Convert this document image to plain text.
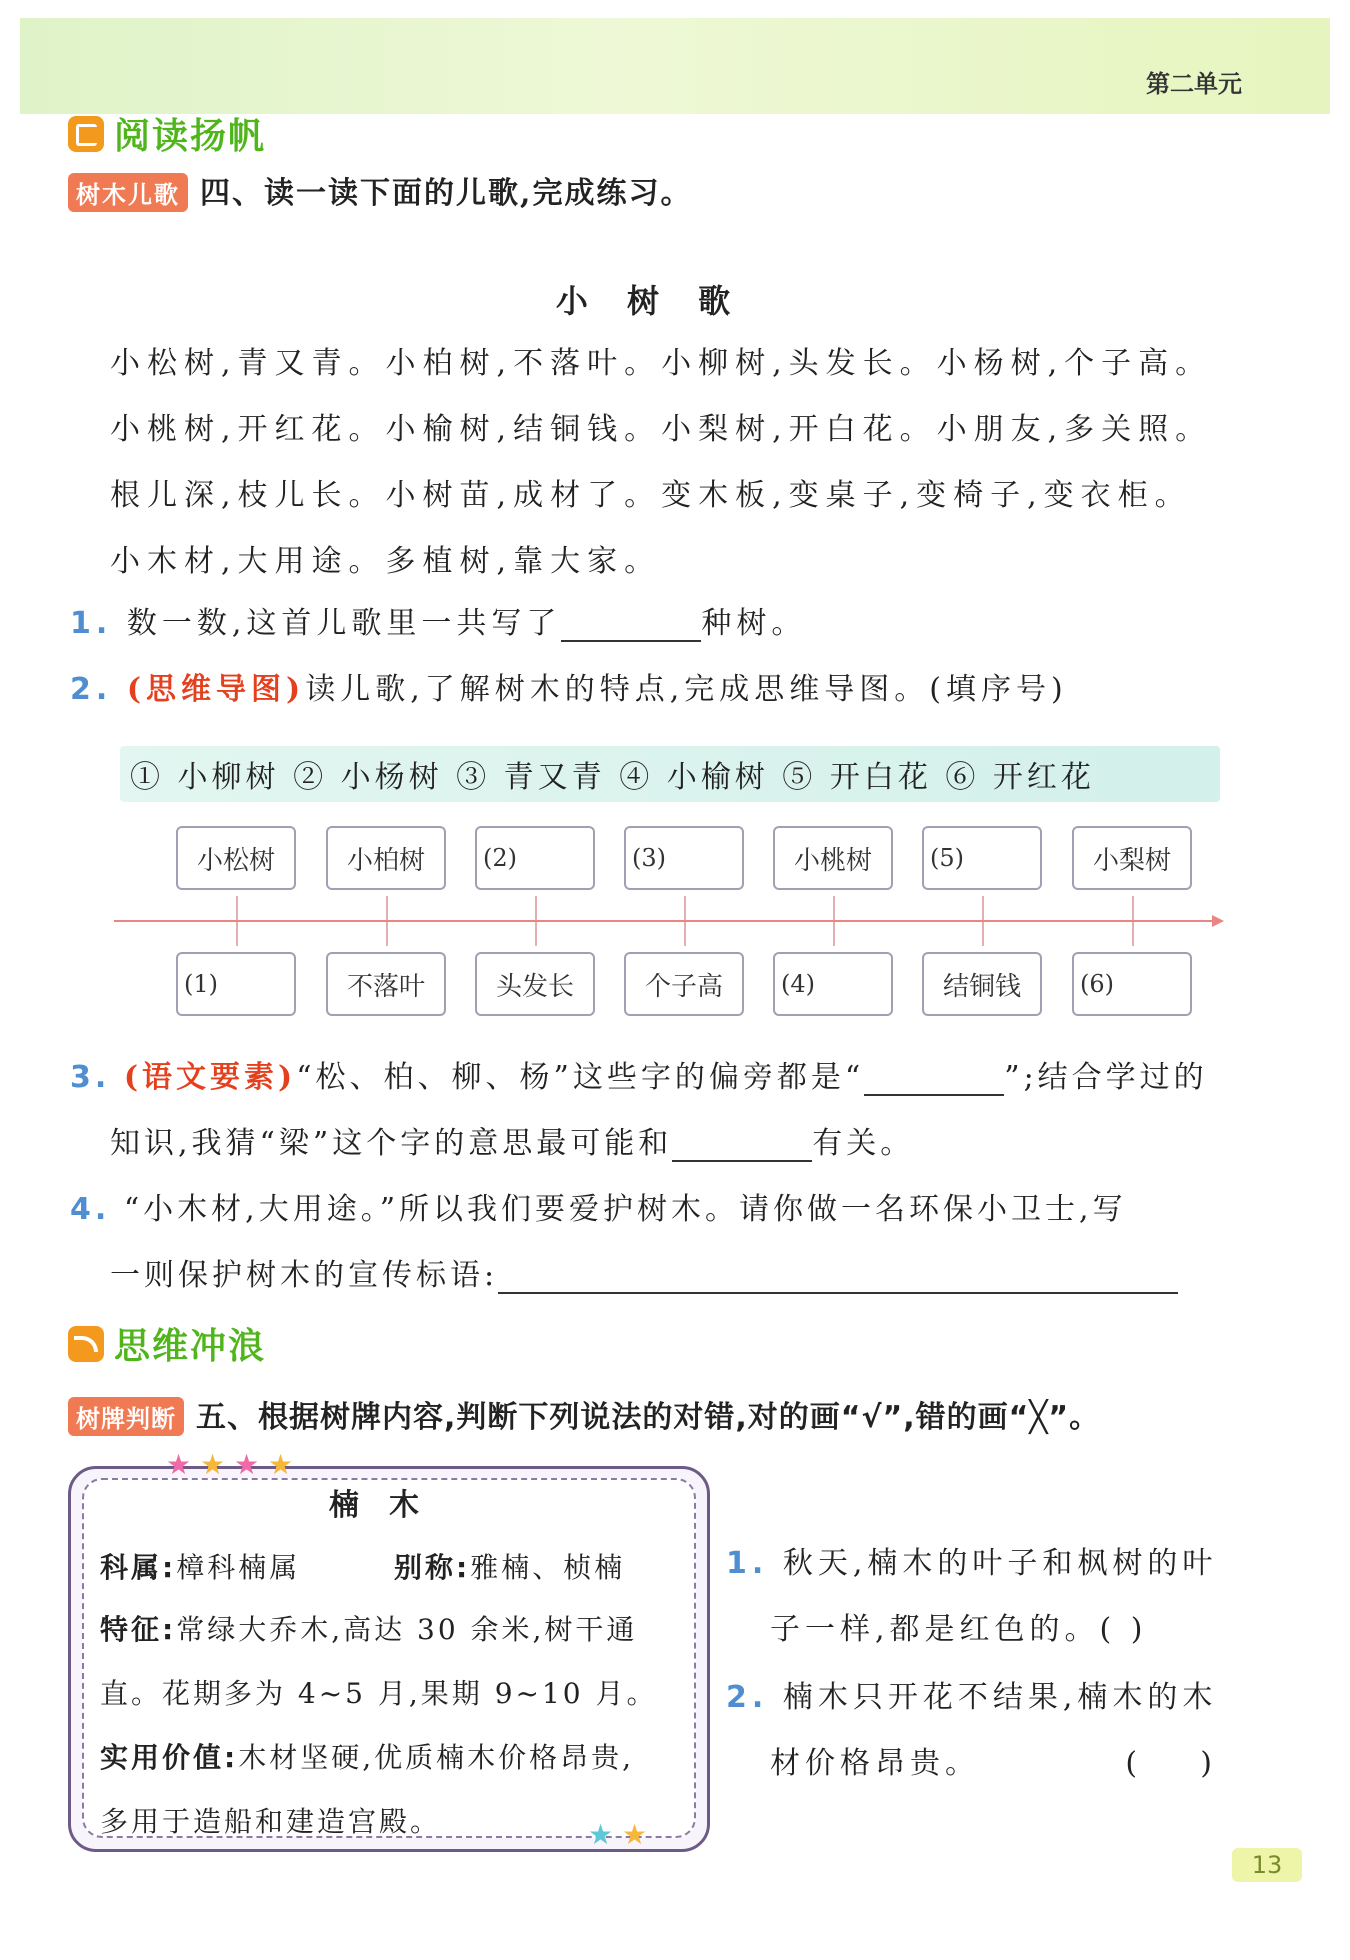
第二单元
阅读扬帆
树木儿歌 四、读一读下面的儿歌,完成练习。
小 树 歌
小松树,青又青。小柏树,不落叶。小柳树,头发长。小杨树,个子高。
小桃树,开红花。小榆树,结铜钱。小梨树,开白花。小朋友,多关照。
根儿深,枝儿长。小树苗,成材了。变木板,变桌子,变椅子,变衣柜。
小木材,大用途。多植树,靠大家。
1. 数一数,这首儿歌里一共写了	种树。
2. (思维导图)读儿歌,了解树木的特点,完成思维导图。(填序号)
① 小柳树 ② 小杨树 ③ 青又青 ④ 小榆树 ⑤ 开白花 ⑥ 开红花
小松树	小柏树	(2)	(3)	小桃树	(5)	小梨树
(1)	不落叶	头发长	个子高	(4)	结铜钱	(6)
3. (语文要素)“松、柏、柳、杨”这些字的偏旁都是“	”;结合学过的
知识,我猜“梁”这个字的意思最可能和	有关。
4. “小木材,大用途。”所以我们要爱护树木。请你做一名环保小卫士,写
一则保护树木的宣传标语:
思维冲浪
树牌判断 五、根据树牌内容,判断下列说法的对错,对的画“√”,错的画“╳”。
★ ★ ★ ★
★ ★
楠木
科属:樟科楠属	别称:雅楠、桢楠
特征:常绿大乔木,高达 30 余米,树干通
直。花期多为 4~5 月,果期 9~10 月。
实用价值:木材坚硬,优质楠木价格昂贵,
多用于造船和建造宫殿。
1. 秋天,楠木的叶子和枫树的叶
子一样,都是红色的。( )
2. 楠木只开花不结果,楠木的木
材价格昂贵。          (    )
13
